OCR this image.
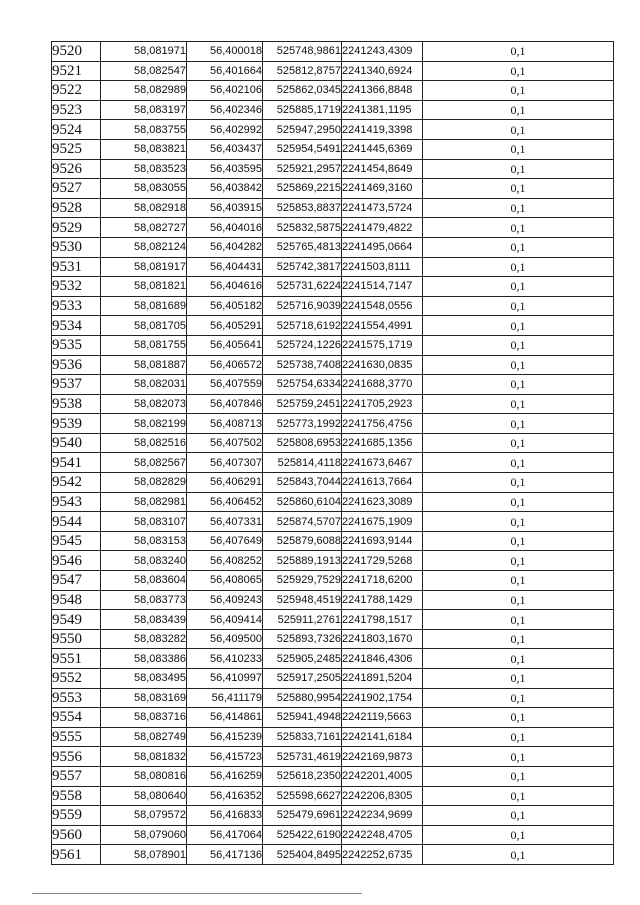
9520	58,081971	56,400018	525748,9861	2241243,4309	0,1
9521	58,082547	56,401664	525812,8757	2241340,6924	0,1
9522	58,082989	56,402106	525862,0345	2241366,8848	0,1
9523	58,083197	56,402346	525885,1719	2241381,1195	0,1
9524	58,083755	56,402992	525947,2950	2241419,3398	0,1
9525	58,083821	56,403437	525954,5491	2241445,6369	0,1
9526	58,083523	56,403595	525921,2957	2241454,8649	0,1
9527	58,083055	56,403842	525869,2215	2241469,3160	0,1
9528	58,082918	56,403915	525853,8837	2241473,5724	0,1
9529	58,082727	56,404016	525832,5875	2241479,4822	0,1
9530	58,082124	56,404282	525765,4813	2241495,0664	0,1
9531	58,081917	56,404431	525742,3817	2241503,8111	0,1
9532	58,081821	56,404616	525731,6224	2241514,7147	0,1
9533	58,081689	56,405182	525716,9039	2241548,0556	0,1
9534	58,081705	56,405291	525718,6192	2241554,4991	0,1
9535	58,081755	56,405641	525724,1226	2241575,1719	0,1
9536	58,081887	56,406572	525738,7408	2241630,0835	0,1
9537	58,082031	56,407559	525754,6334	2241688,3770	0,1
9538	58,082073	56,407846	525759,2451	2241705,2923	0,1
9539	58,082199	56,408713	525773,1992	2241756,4756	0,1
9540	58,082516	56,407502	525808,6953	2241685,1356	0,1
9541	58,082567	56,407307	525814,4118	2241673,6467	0,1
9542	58,082829	56,406291	525843,7044	2241613,7664	0,1
9543	58,082981	56,406452	525860,6104	2241623,3089	0,1
9544	58,083107	56,407331	525874,5707	2241675,1909	0,1
9545	58,083153	56,407649	525879,6088	2241693,9144	0,1
9546	58,083240	56,408252	525889,1913	2241729,5268	0,1
9547	58,083604	56,408065	525929,7529	2241718,6200	0,1
9548	58,083773	56,409243	525948,4519	2241788,1429	0,1
9549	58,083439	56,409414	525911,2761	2241798,1517	0,1
9550	58,083282	56,409500	525893,7326	2241803,1670	0,1
9551	58,083386	56,410233	525905,2485	2241846,4306	0,1
9552	58,083495	56,410997	525917,2505	2241891,5204	0,1
9553	58,083169	56,411179	525880,9954	2241902,1754	0,1
9554	58,083716	56,414861	525941,4948	2242119,5663	0,1
9555	58,082749	56,415239	525833,7161	2242141,6184	0,1
9556	58,081832	56,415723	525731,4619	2242169,9873	0,1
9557	58,080816	56,416259	525618,2350	2242201,4005	0,1
9558	58,080640	56,416352	525598,6627	2242206,8305	0,1
9559	58,079572	56,416833	525479,6961	2242234,9699	0,1
9560	58,079060	56,417064	525422,6190	2242248,4705	0,1
9561	58,078901	56,417136	525404,8495	2242252,6735	0,1
